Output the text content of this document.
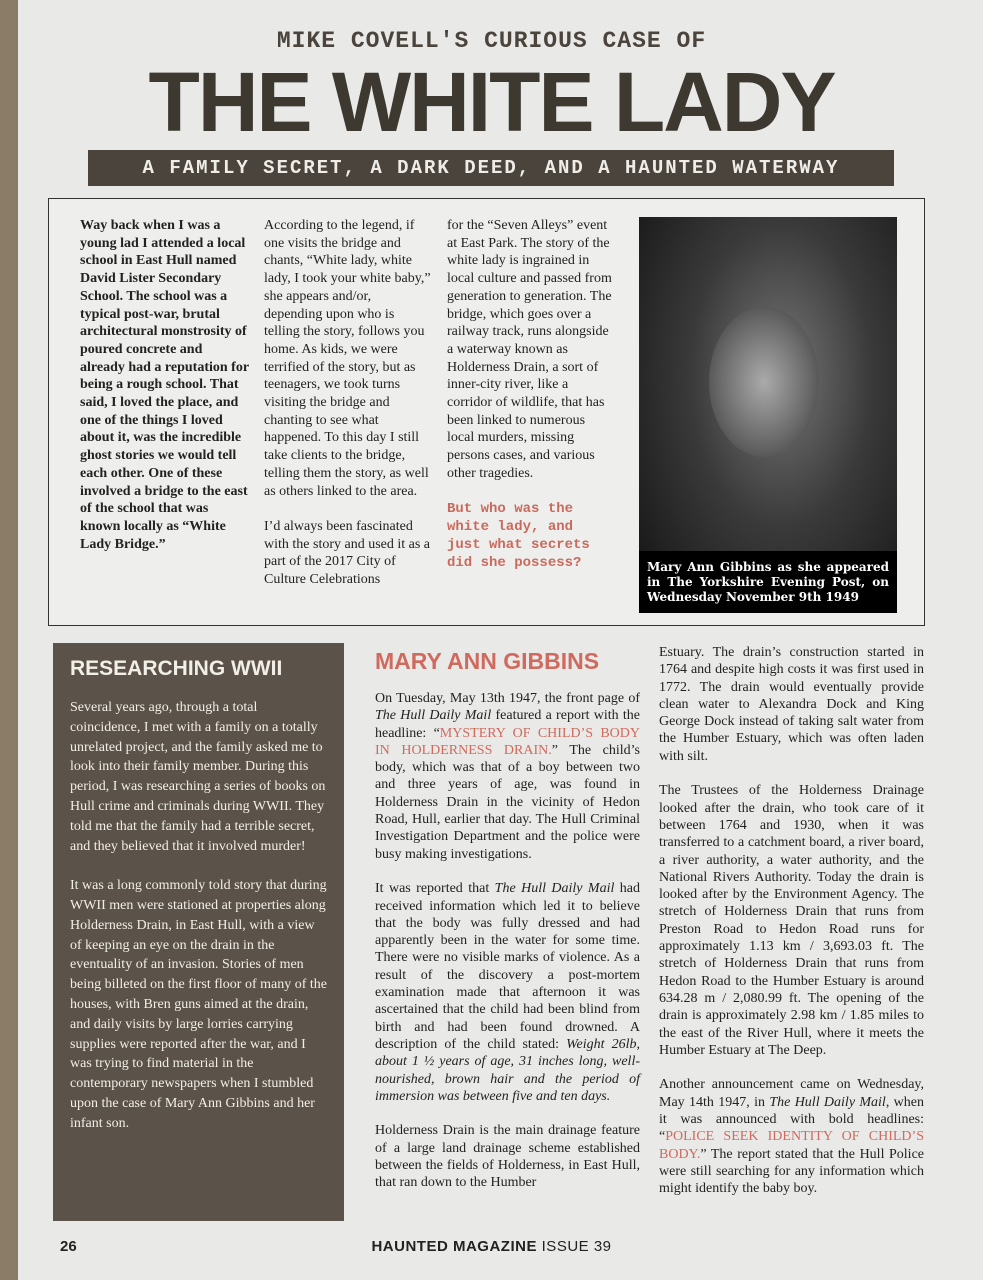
MIKE COVELL'S CURIOUS CASE OF
THE WHITE LADY
A FAMILY SECRET, A DARK DEED, AND A HAUNTED WATERWAY

Way back when I was a young lad I attended a local school in East Hull named David Lister Secondary School. The school was a typical post-war, brutal architectural monstrosity of poured concrete and already had a reputation for being a rough school. That said, I loved the place, and one of the things I loved about it, was the incredible ghost stories we would tell each other. One of these involved a bridge to the east of the school that was known locally as “White Lady Bridge.”

According to the legend, if one visits the bridge and chants, “White lady, white lady, I took your white baby,” she appears and/or, depending upon who is telling the story, follows you home. As kids, we were terrified of the story, but as teenagers, we took turns visiting the bridge and chanting to see what happened. To this day I still take clients to the bridge, telling them the story, as well as others linked to the area.

I’d always been fascinated with the story and used it as a part of the 2017 City of Culture Celebrations

for the “Seven Alleys” event at East Park. The story of the white lady is ingrained in local culture and passed from generation to generation. The bridge, which goes over a railway track, runs alongside a waterway known as Holderness Drain, a sort of inner-city river, like a corridor of wildlife, that has been linked to numerous local murders, missing persons cases, and various other tragedies.

But who was the white lady, and just what secrets did she possess?	Mary Ann Gibbins as she appeared in The Yorkshire Evening Post, on Wednesday November 9th 1949
RESEARCHING WWII

Several years ago, through a total coincidence, I met with a family on a totally unrelated project, and the family asked me to look into their family member. During this period, I was researching a series of books on Hull crime and criminals during WWII. They told me that the family had a terrible secret, and they believed that it involved murder!

It was a long commonly told story that during WWII men were stationed at properties along Holderness Drain, in East Hull, with a view of keeping an eye on the drain in the eventuality of an invasion. Stories of men being billeted on the first floor of many of the houses, with Bren guns aimed at the drain, and daily visits by large lorries carrying supplies were reported after the war, and I was trying to find material in the contemporary newspapers when I stumbled upon the case of Mary Ann Gibbins and her infant son.

MARY ANN GIBBINS

On Tuesday, May 13th 1947, the front page of The Hull Daily Mail featured a report with the headline: “MYSTERY OF CHILD’S BODY IN HOLDERNESS DRAIN.” The child’s body, which was that of a boy between two and three years of age, was found in Holderness Drain in the vicinity of Hedon Road, Hull, earlier that day. The Hull Criminal Investigation Department and the police were busy making investigations.

It was reported that The Hull Daily Mail had received information which led it to believe that the body was fully dressed and had apparently been in the water for some time. There were no visible marks of violence. As a result of the discovery a post-mortem examination made that afternoon it was ascertained that the child had been blind from birth and had been found drowned. A description of the child stated: Weight 26lb, about 1 ½ years of age, 31 inches long, well-nourished, brown hair and the period of immersion was between five and ten days.

Holderness Drain is the main drainage feature of a large land drainage scheme established between the fields of Holderness, in East Hull, that ran down to the Humber

Estuary. The drain’s construction started in 1764 and despite high costs it was first used in 1772. The drain would eventually provide clean water to Alexandra Dock and King George Dock instead of taking salt water from the Humber Estuary, which was often laden with silt.

The Trustees of the Holderness Drainage looked after the drain, who took care of it between 1764 and 1930, when it was transferred to a catchment board, a river board, a river authority, a water authority, and the National Rivers Authority. Today the drain is looked after by the Environment Agency. The stretch of Holderness Drain that runs from Preston Road to Hedon Road runs for approximately 1.13 km / 3,693.03 ft. The stretch of Holderness Drain that runs from Hedon Road to the Humber Estuary is around 634.28 m / 2,080.99 ft. The opening of the drain is approximately 2.98 km / 1.85 miles to the east of the River Hull, where it meets the Humber Estuary at The Deep.

Another announcement came on Wednesday, May 14th 1947, in The Hull Daily Mail, when it was announced with bold headlines: “POLICE SEEK IDENTITY OF CHILD’S BODY.” The report stated that the Hull Police were still searching for any information which might identify the baby boy.

26	HAUNTED MAGAZINE ISSUE 39
